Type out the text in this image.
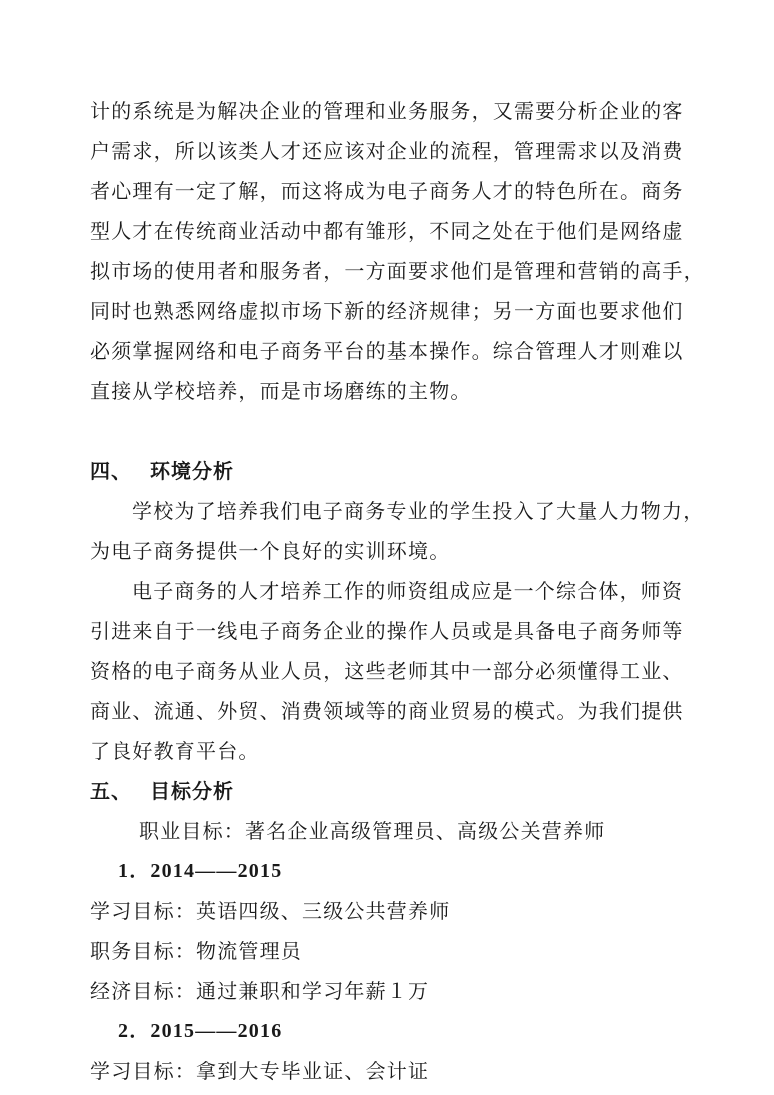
计的系统是为解决企业的管理和业务服务，又需要分析企业的客
户需求，所以该类人才还应该对企业的流程，管理需求以及消费
者心理有一定了解，而这将成为电子商务人才的特色所在。商务
型人才在传统商业活动中都有雏形，不同之处在于他们是网络虚
拟市场的使用者和服务者，一方面要求他们是管理和营销的高手，
同时也熟悉网络虚拟市场下新的经济规律；另一方面也要求他们
必须掌握网络和电子商务平台的基本操作。综合管理人才则难以
直接从学校培养，而是市场磨练的主物。
四、 环境分析
学校为了培养我们电子商务专业的学生投入了大量人力物力，
为电子商务提供一个良好的实训环境。
电子商务的人才培养工作的师资组成应是一个综合体，师资
引进来自于一线电子商务企业的操作人员或是具备电子商务师等
资格的电子商务从业人员，这些老师其中一部分必须懂得工业、
商业、流通、外贸、消费领域等的商业贸易的模式。为我们提供
了良好教育平台。
五、 目标分析
职业目标：著名企业高级管理员、高级公关营养师
1．2014——2015
学习目标：英语四级、三级公共营养师
职务目标：物流管理员
经济目标：通过兼职和学习年薪１万
2．2015——2016
学习目标：拿到大专毕业证、会计证
